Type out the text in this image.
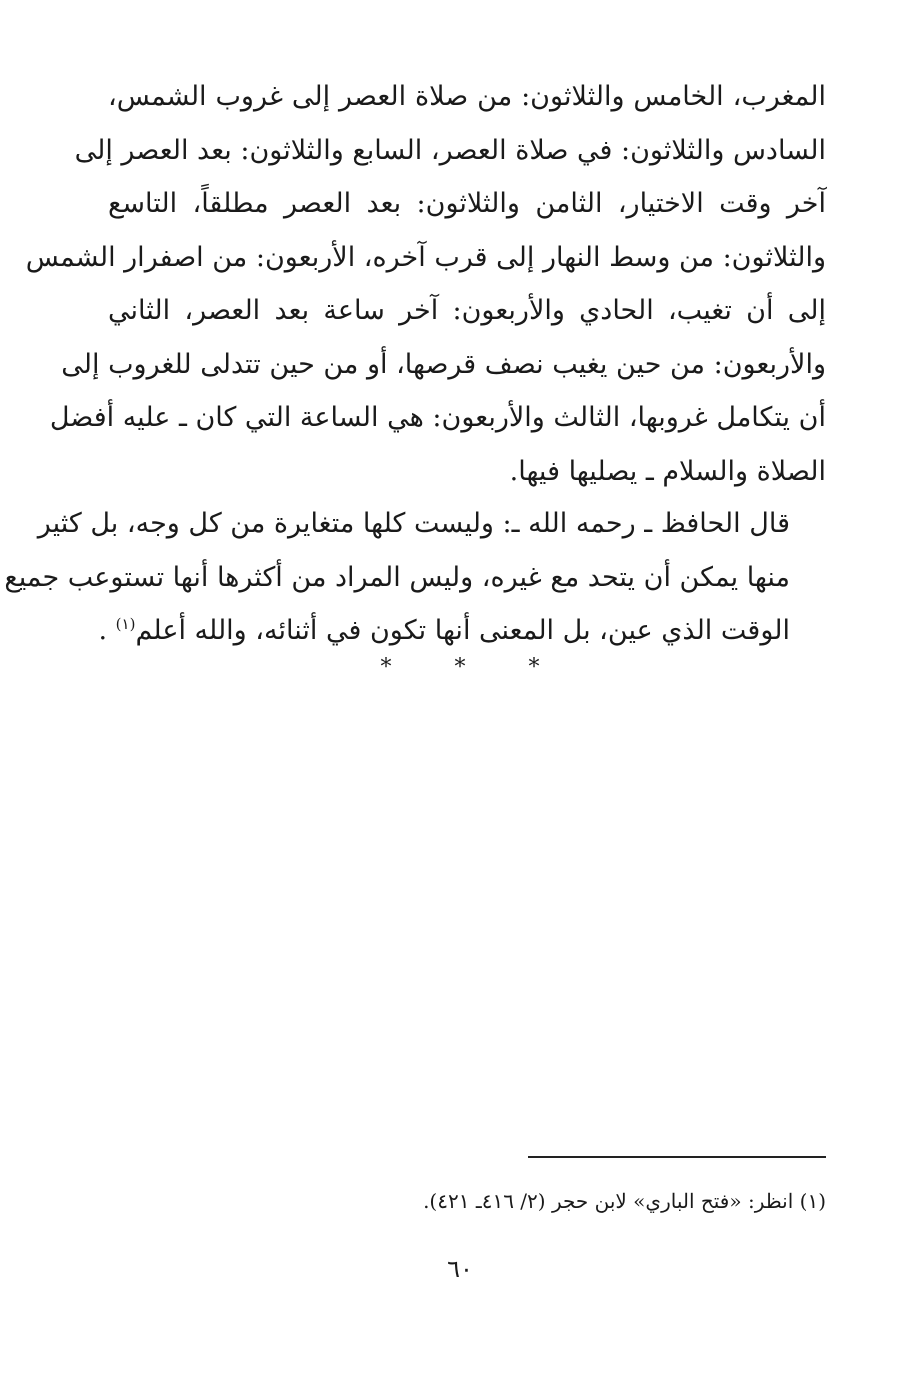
المغرب، الخامس والثلاثون: من صلاة العصر إلى غروب الشمس،
السادس والثلاثون: في صلاة العصر، السابع والثلاثون: بعد العصر إلى
آخر وقت الاختيار، الثامن والثلاثون: بعد العصر مطلقاً، التاسع
والثلاثون: من وسط النهار إلى قرب آخره، الأربعون: من اصفرار الشمس
إلى أن تغيب، الحادي والأربعون: آخر ساعة بعد العصر، الثاني
والأربعون: من حين يغيب نصف قرصها، أو من حين تتدلى للغروب إلى
أن يتكامل غروبها، الثالث والأربعون: هي الساعة التي كان ـ عليه أفضل
الصلاة والسلام ـ يصليها فيها.
قال الحافظ ـ رحمه الله ـ: وليست كلها متغايرة من كل وجه، بل كثير
منها يمكن أن يتحد مع غيره، وليس المراد من أكثرها أنها تستوعب جميع
الوقت الذي عين، بل المعنى أنها تكون في أثنائه، والله أعلم$^{(١)}$ .
* * *
(١) انظر: «فتح الباري» لابن حجر (٢/ ٤١٦ـ ٤٢١).
٦٠
